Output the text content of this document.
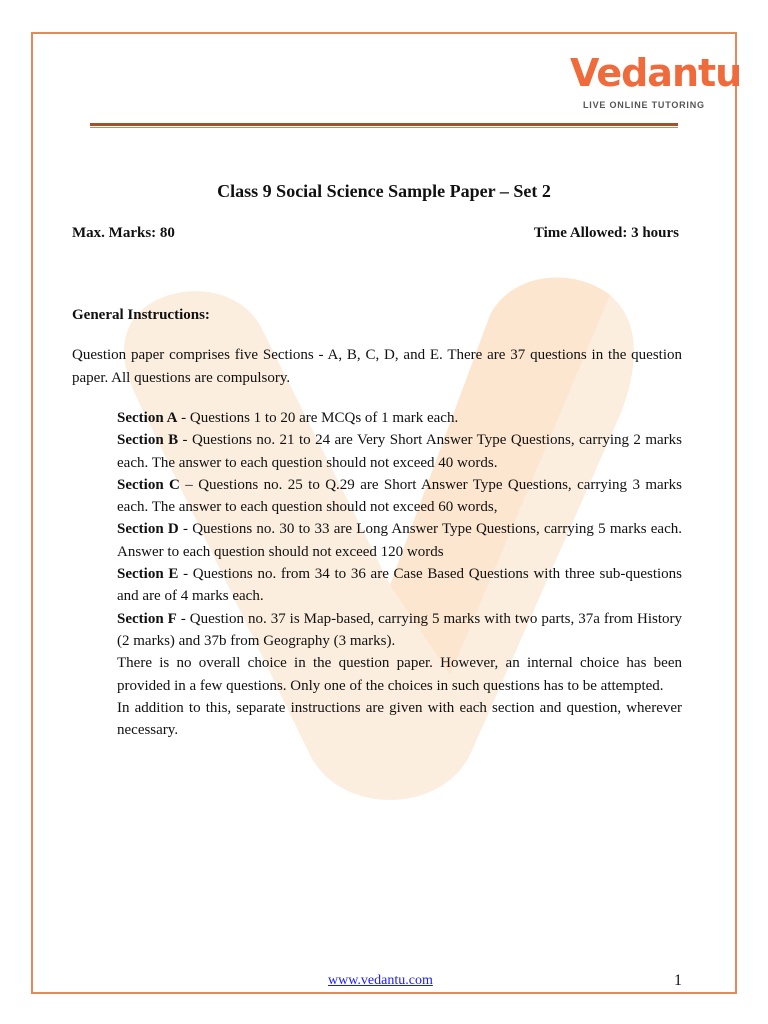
Vedantu
LIVE ONLINE TUTORING
Class 9 Social Science Sample Paper – Set 2
Max. Marks: 80	Time Allowed: 3 hours
General Instructions:
Question paper comprises five Sections - A, B, C, D, and E. There are 37 questions in the question paper. All questions are compulsory.

Section A - Questions 1 to 20 are MCQs of 1 mark each.

Section B - Questions no. 21 to 24 are Very Short Answer Type Questions, carrying 2 marks each. The answer to each question should not exceed 40 words.

Section C – Questions no. 25 to Q.29 are Short Answer Type Questions, carrying 3 marks each. The answer to each question should not exceed 60 words,

Section D - Questions no. 30 to 33 are Long Answer Type Questions, carrying 5 marks each. Answer to each question should not exceed 120 words

Section E - Questions no. from 34 to 36 are Case Based Questions with three sub-questions and are of 4 marks each.

Section F - Question no. 37 is Map-based, carrying 5 marks with two parts, 37a from History (2 marks) and 37b from Geography (3 marks).

There is no overall choice in the question paper. However, an internal choice has been provided in a few questions. Only one of the choices in such questions has to be attempted.

In addition to this, separate instructions are given with each section and question, wherever necessary.

www.vedantu.com	1
